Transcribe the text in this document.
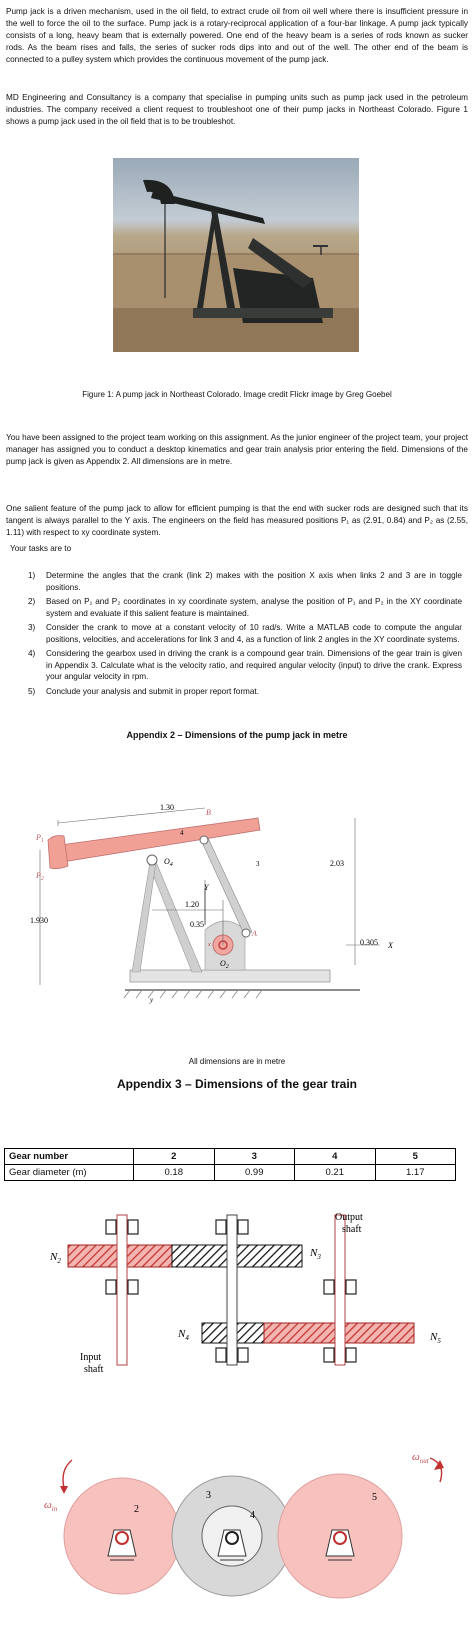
Pump jack is a driven mechanism, used in the oil field, to extract crude oil from oil well where there is insufficient pressure in the well to force the oil to the surface. Pump jack is a rotary-reciprocal application of a four-bar linkage. A pump jack typically consists of a long, heavy beam that is externally powered. One end of the heavy beam is a series of rods known as sucker rods. As the beam rises and falls, the series of sucker rods dips into and out of the well. The other end of the beam is connected to a pulley system which provides the continuous movement of the pump jack.

MD Engineering and Consultancy is a company that specialise in pumping units such as pump jack used in the petroleum industries. The company received a client request to troubleshoot one of their pump jacks in Northeast Colorado. Figure 1 shows a pump jack used in the oil field that is to be troubleshot.

Figure 1: A pump jack in Northeast Colorado. Image credit Flickr image by Greg Goebel

You have been assigned to the project team working on this assignment. As the junior engineer of the project team, your project manager has assigned you to conduct a desktop kinematics and gear train analysis prior entering the field. Dimensions of the pump jack is given as Appendix 2. All dimensions are in metre.

One salient feature of the pump jack to allow for efficient pumping is that the end with sucker rods are designed such that its tangent is always parallel to the Y axis. The engineers on the field has measured positions P₁ as (2.91, 0.84) and P₂ as (2.55, 1.11) with respect to xy coordinate system.

Your tasks are to

1) Determine the angles that the crank (link 2) makes with the position X axis when links 2 and 3 are in toggle positions.
2) Based on P₁ and P₂ coordinates in xy coordinate system, analyse the position of P₁ and P₂ in the XY coordinate system and evaluate if this salient feature is maintained.
3) Consider the crank to move at a constant velocity of 10 rad/s. Write a MATLAB code to compute the angular positions, velocities, and accelerations for link 3 and 4, as a function of link 2 angles in the XY coordinate systems.
4) Considering the gearbox used in driving the crank is a compound gear train. Dimensions of the gear train is given in Appendix 3. Calculate what is the velocity ratio, and required angular velocity (input) to drive the crank. Express your angular velocity in rpm.
5) Conclude your analysis and submit in proper report format.
Appendix 2 – Dimensions of the pump jack in metre
1.30
B
4
$O_4$
$P_1$
$P_2$
3	2.03
Y
1.20
0.35
1.930
A
$O_2$
0.305 X
y
x
All dimensions are in metre
Appendix 3 – Dimensions of the gear train
Gear number	2	3	4	5
Gear diameter (m)	0.18	0.99	0.21	1.17
Output
shaft
Input
shaft
$N_2$
$N_3$
$N_4$	$N_5$
2
3
4
5
$\omega_{in}$
$\omega_{out}$
